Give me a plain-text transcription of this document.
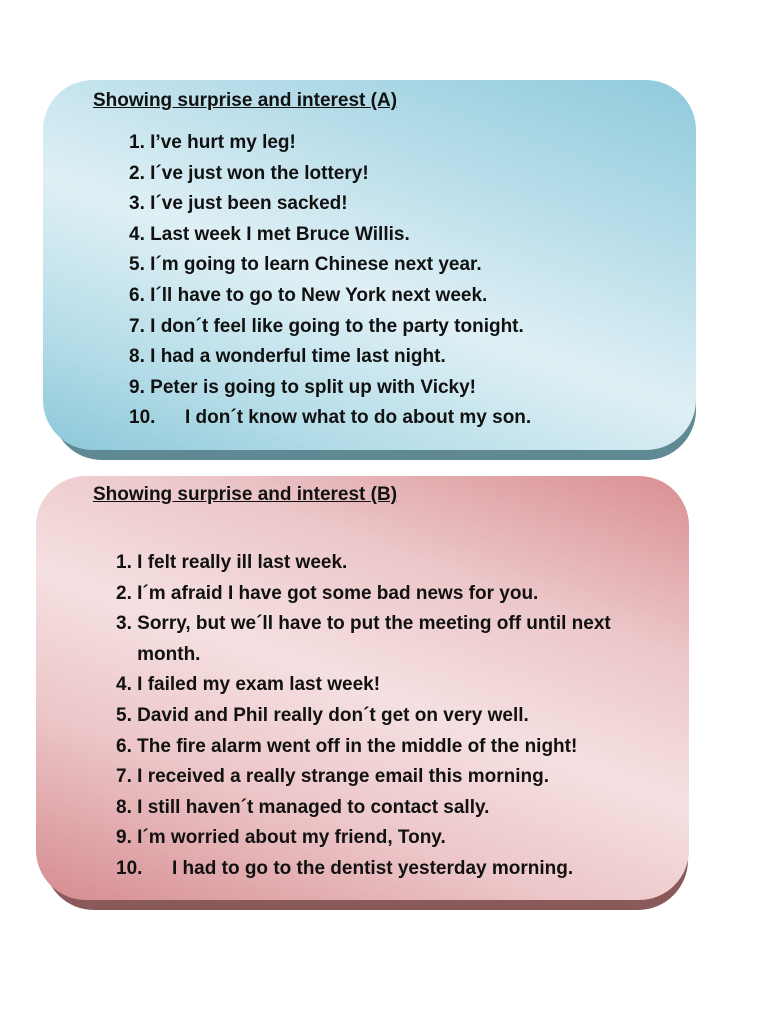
Showing surprise and interest (A)
1.
I’ve hurt my leg!
2.
I´ve just won the lottery!
3.
I´ve just been sacked!
4.
Last week I met Bruce Willis.
5.
I´m going to learn Chinese next year.
6.
I´ll have to go to New York next week.
7.
I don´t feel like going to the party tonight.
8.
I had a wonderful time last night.
9.
Peter is going to split up with Vicky!
10.	I don´t know what to do about my son.
Showing surprise and interest (B)
1.
I felt really ill last week.
2.
I´m afraid I have got some bad news for you.
3.
Sorry, but we´ll have to put the meeting off until next month.
4.
I failed my exam last week!
5.
David and Phil really don´t get on very well.
6.
The fire alarm went off in the middle of the night!
7.
I received a really strange email this morning.
8.
I still haven´t managed to contact sally.
9.
I´m worried about my friend, Tony.
10.	I had to go to the dentist yesterday morning.
